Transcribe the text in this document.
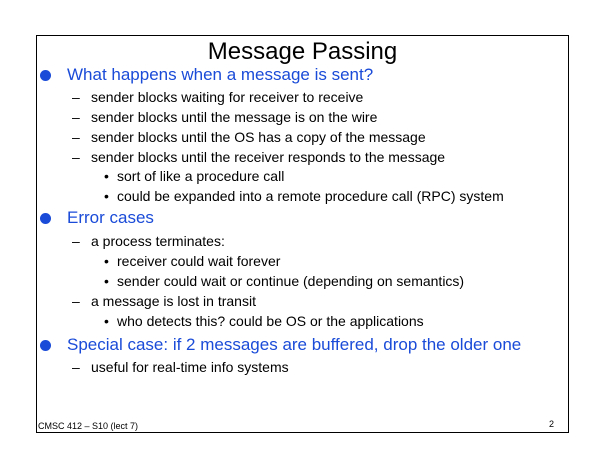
Message Passing
What happens when a message is sent?
– sender blocks waiting for receiver to receive
– sender blocks until the message is on the wire
– sender blocks until the OS has a copy of the message
– sender blocks until the receiver responds to the message
• sort of like a procedure call
• could be expanded into a remote procedure call (RPC) system
Error cases
– a process terminates:
• receiver could wait forever
• sender could wait or continue (depending on semantics)
– a message is lost in transit
• who detects this? could be OS or the applications
Special case: if 2 messages are buffered, drop the older one
– useful for real-time info systems
CMSC 412 – S10 (lect 7)	2
